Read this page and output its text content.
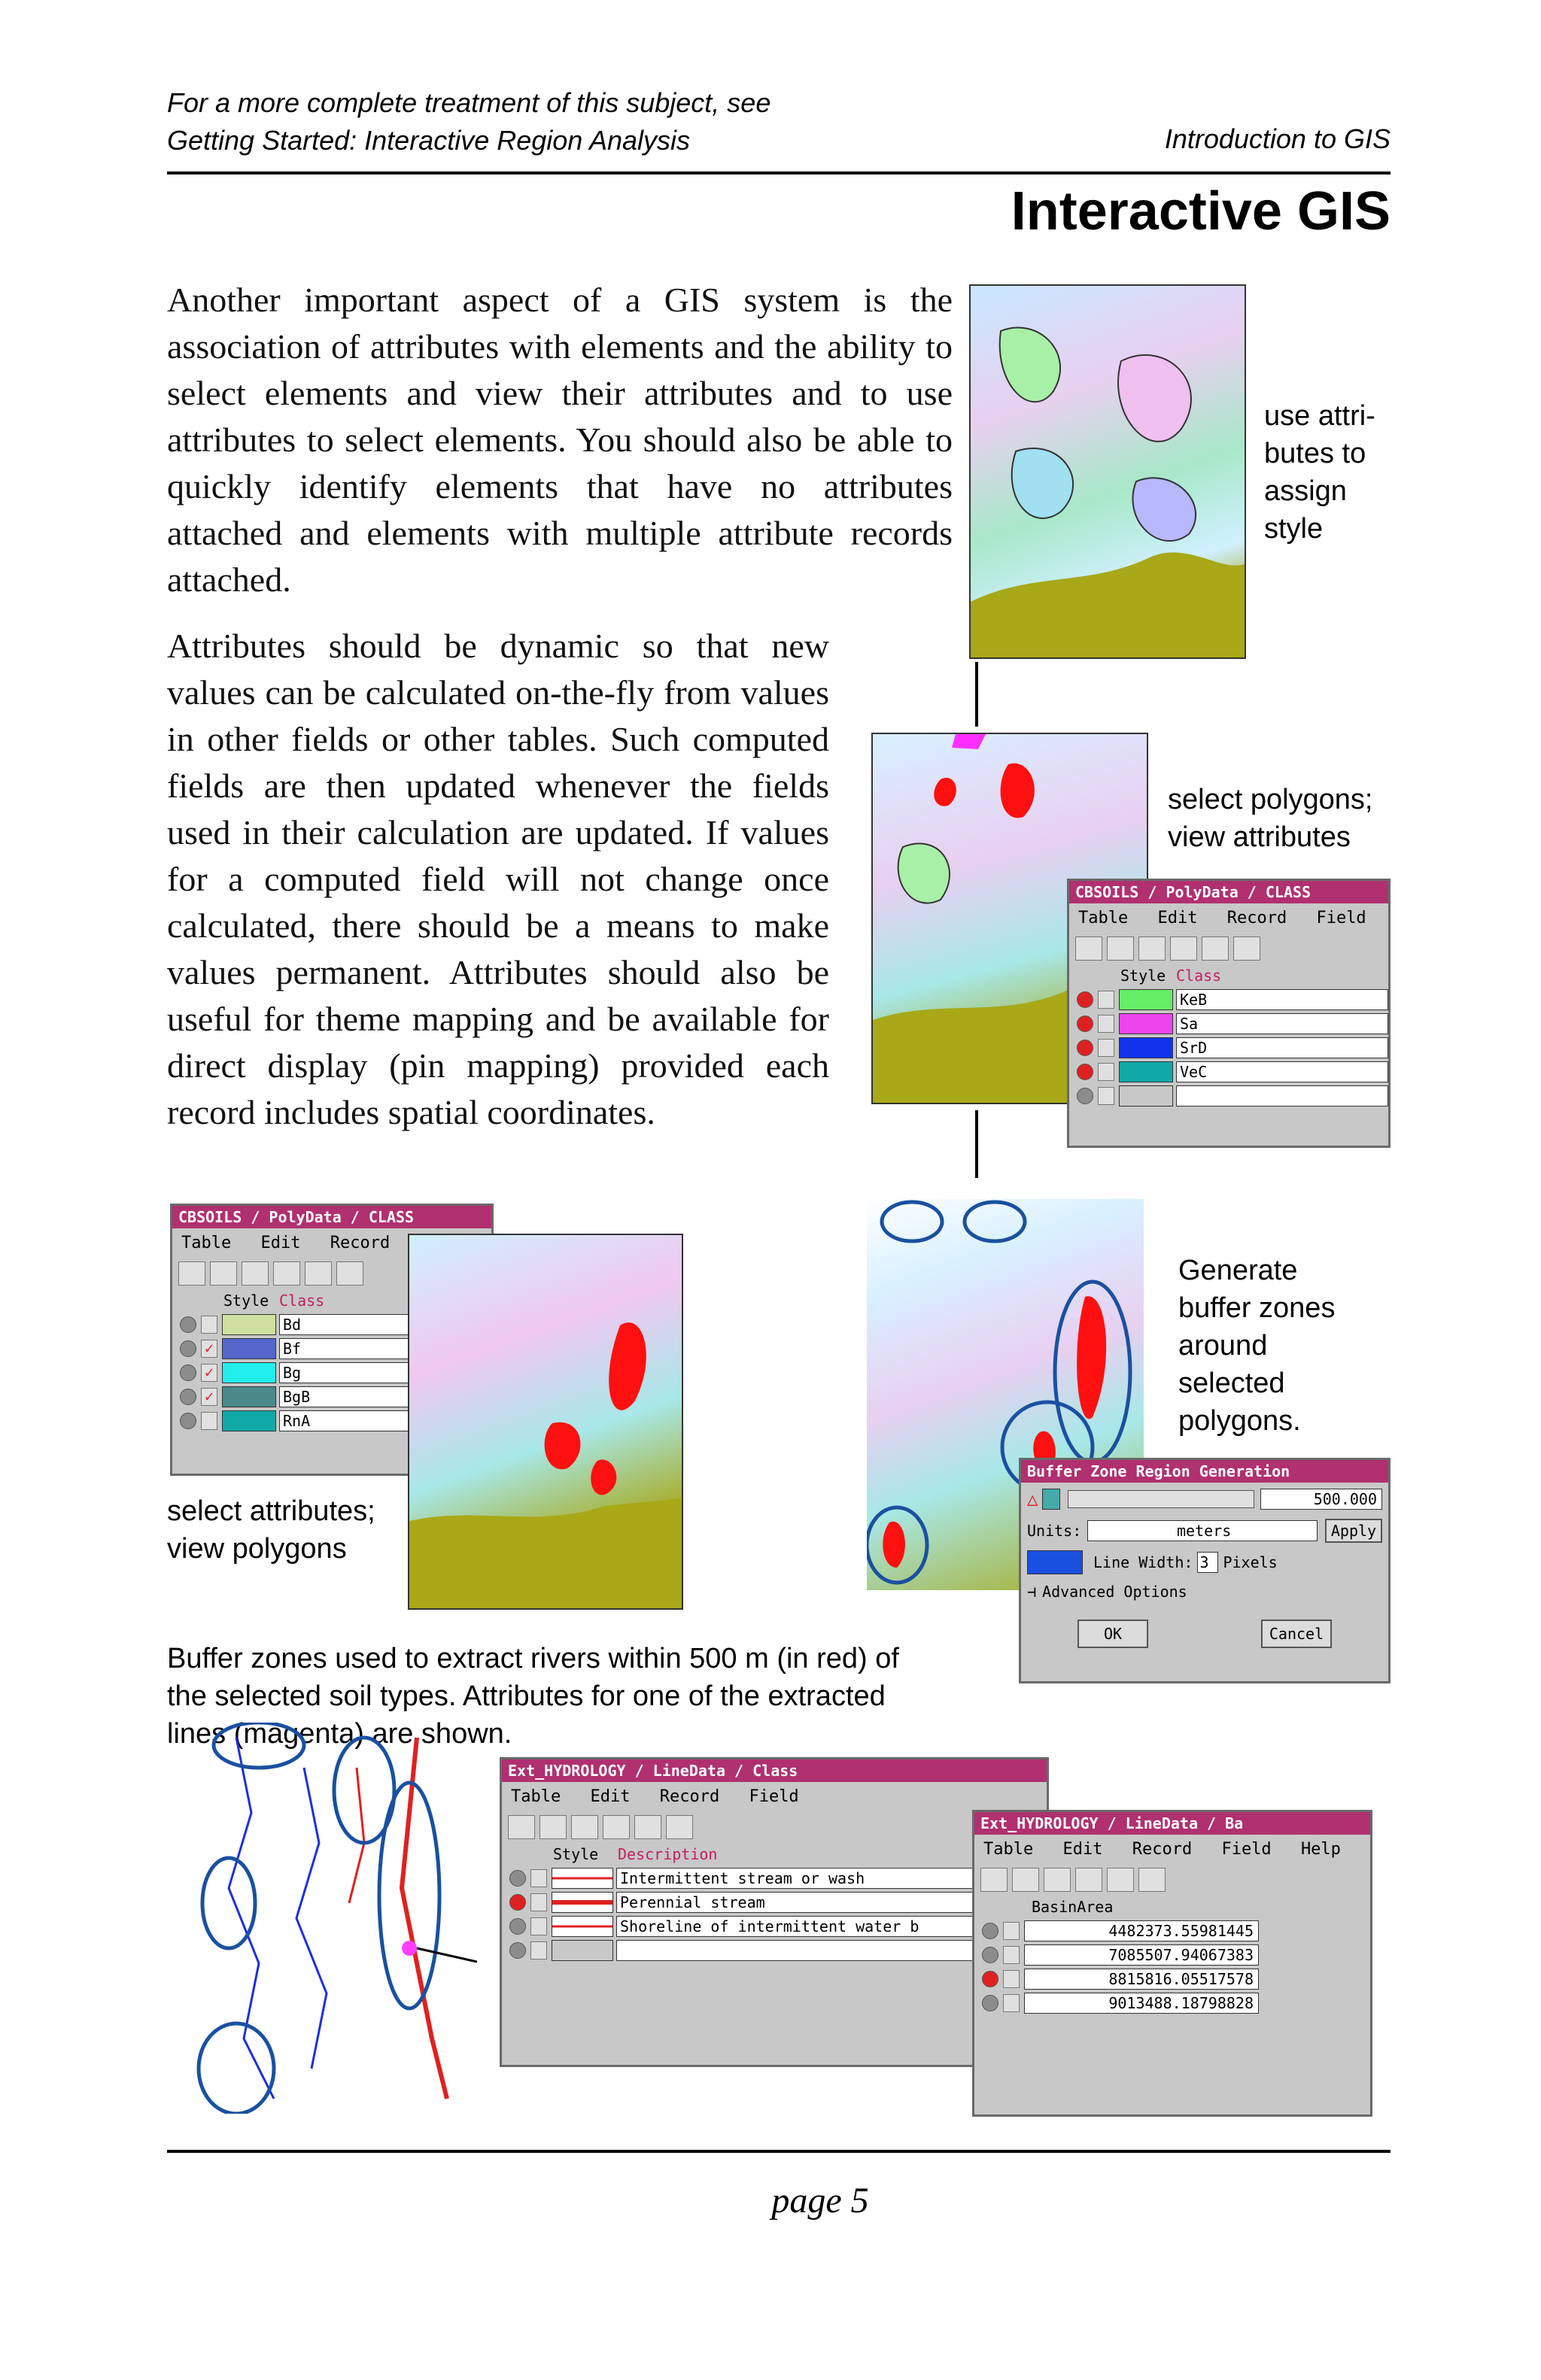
For a more complete treatment of this subject, see
Getting Started: Interactive Region Analysis	Introduction to GIS
Interactive GIS
Another important aspect of a GIS system is the association of attributes with elements and the ability to select elements and view their attributes and to use attributes to select elements. You should also be able to quickly identify elements that have no attributes attached and elements with multiple attribute records attached.
Attributes should be dynamic so that new values can be calculated on-the-fly from values in other fields or other tables. Such computed fields are then updated whenever the fields used in their calculation are updated. If values for a computed field will not change once calculated, there should be a means to make values permanent. Attributes should also be useful for theme mapping and be available for direct display (pin mapping) provided each record includes spatial coordinates.
use attri-
butes to
assign
style
select polygons;
view attributes
CBSOILS / PolyData / CLASS
Table Edit Record Field
Style Class
KeB
Sa
SrD
VeC
CBSOILS / PolyData / CLASS
Table Edit Record
Style Class
Bd
✓	Bf
✓	Bg
✓	BgB
RnA
select attributes;
view polygons
Generate
buffer zones
around
selected
polygons.
Buffer Zone Region Generation
△	500.000
Units:	meters	Apply
Line Width: 3 Pixels
⊣ Advanced Options
OK	Cancel
Buffer zones used to extract rivers within 500 m (in red) of
the selected soil types. Attributes for one of the extracted
lines (magenta) are shown.
Ext_HYDROLOGY / LineData / Class
Table Edit Record Field
Style	Description
Intermittent stream or wash
Perennial stream
Shoreline of intermittent water b
Ext_HYDROLOGY / LineData / Ba
Table Edit Record Field Help
BasinArea
4482373.55981445
7085507.94067383
8815816.05517578
9013488.18798828
page 5
